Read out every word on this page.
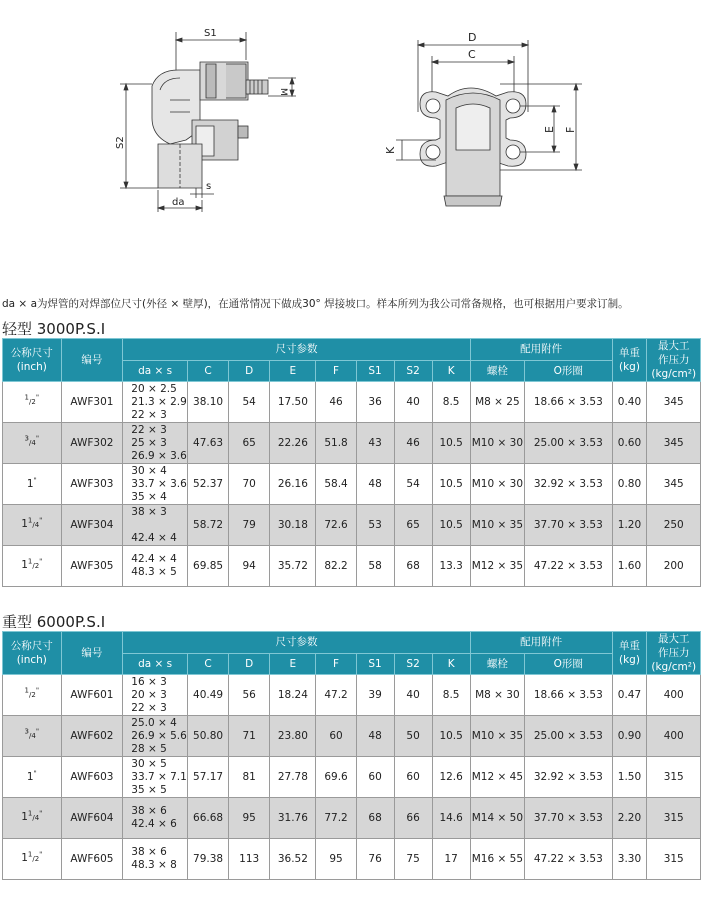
S1
M
S2
s
da
D
C
E F
K
da × a为焊管的对焊部位尺寸(外径 × 壁厚)，在通常情况下做成30° 焊接坡口。样本所列为我公司常备规格，也可根据用户要求订制。
轻型 3000P.S.I
公称尺寸
(inch)	编号	尺寸参数								配用附件		单重
(kg)	最大工
作压力
(kg/cm²)
		da × s	C	D	E	F	S1	S2	K	螺栓	O形圈		
$^1$/2"	AWF301	20 × 2.5
21.3 × 2.9
22 × 3	38.10	54	17.50	46	36	40	8.5	M8 × 25	18.66 × 3.53	0.40	345
$^3$/4"	AWF302	22 × 3
25 × 3
26.9 × 3.6	47.63	65	22.26	51.8	43	46	10.5	M10 × 30	25.00 × 3.53	0.60	345
1"	AWF303	30 × 4
33.7 × 3.6
35 × 4	52.37	70	26.16	58.4	48	54	10.5	M10 × 30	32.92 × 3.53	0.80	345
$1^1/4^"$	AWF304	38 × 3
42.4 × 4	58.72	79	30.18	72.6	53	65	10.5	M10 × 35	37.70 × 3.53	1.20	250
$1^1/2^"$	AWF305	42.4 × 4
48.3 × 5	69.85	94	35.72	82.2	58	68	13.3	M12 × 35	47.22 × 3.53	1.60	200
重型 6000P.S.I
公称尺寸
(inch)	编号	尺寸参数								配用附件		单重
(kg)	最大工
作压力
(kg/cm²)
		da × s	C	D	E	F	S1	S2	K	螺栓	O形圈		
$^1$/2"	AWF601	16 × 3
20 × 3
22 × 3	40.49	56	18.24	47.2	39	40	8.5	M8 × 30	18.66 × 3.53	0.47	400
$^3$/4"	AWF602	25.0 × 4
26.9 × 5.6
28 × 5	50.80	71	23.80	60	48	50	10.5	M10 × 35	25.00 × 3.53	0.90	400
1"	AWF603	30 × 5
33.7 × 7.1
35 × 5	57.17	81	27.78	69.6	60	60	12.6	M12 × 45	32.92 × 3.53	1.50	315
$1^1/4^"$	AWF604	38 × 6
42.4 × 6	66.68	95	31.76	77.2	68	66	14.6	M14 × 50	37.70 × 3.53	2.20	315
$1^1/2^"$	AWF605	38 × 6
48.3 × 8	79.38	113	36.52	95	76	75	17	M16 × 55	47.22 × 3.53	3.30	315
